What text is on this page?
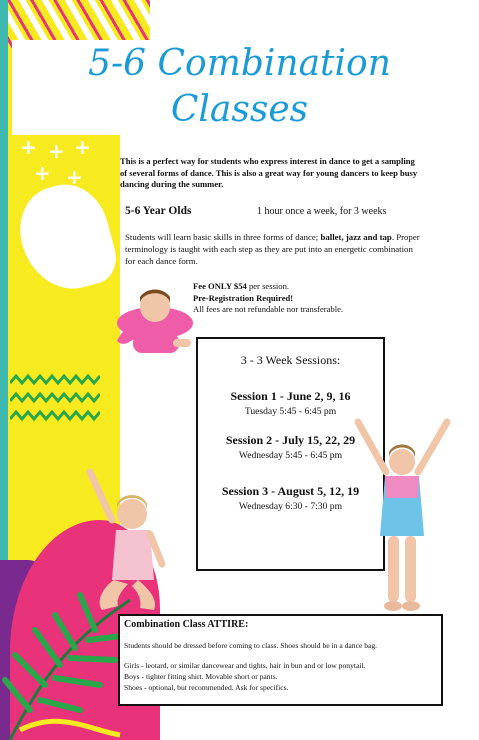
+ + +
+ +
5-6 Combination
Classes
This is a perfect way for students who express interest in dance to get a sampling of several forms of dance. This is also a great way for young dancers to keep busy dancing during the summer.
5-6 Year Olds	1 hour once a week, for 3 weeks
Students will learn basic skills in three forms of dance; ballet, jazz and tap. Proper terminology is taught with each step as they are put into an energetic combination for each dance form.
Fee ONLY $54 per session.
Pre-Registration Required!
All fees are not refundable nor transferable.
3 - 3 Week Sessions:
Session 1 - June 2, 9, 16
Tuesday 5:45 - 6:45 pm
Session 2 - July 15, 22, 29
Wednesday 5:45 - 6:45 pm
Session 3 - August 5, 12, 19
Wednesday 6:30 - 7:30 pm
Combination Class ATTIRE:
Students should be dressed before coming to class. Shoes should be in a dance bag.
Girls - leotard, or similar dancewear and tights, hair in bun and or low ponytail.
Boys - tighter fitting shirt. Movable short or pants.
Shoes - optional, but recommended. Ask for specifics.
